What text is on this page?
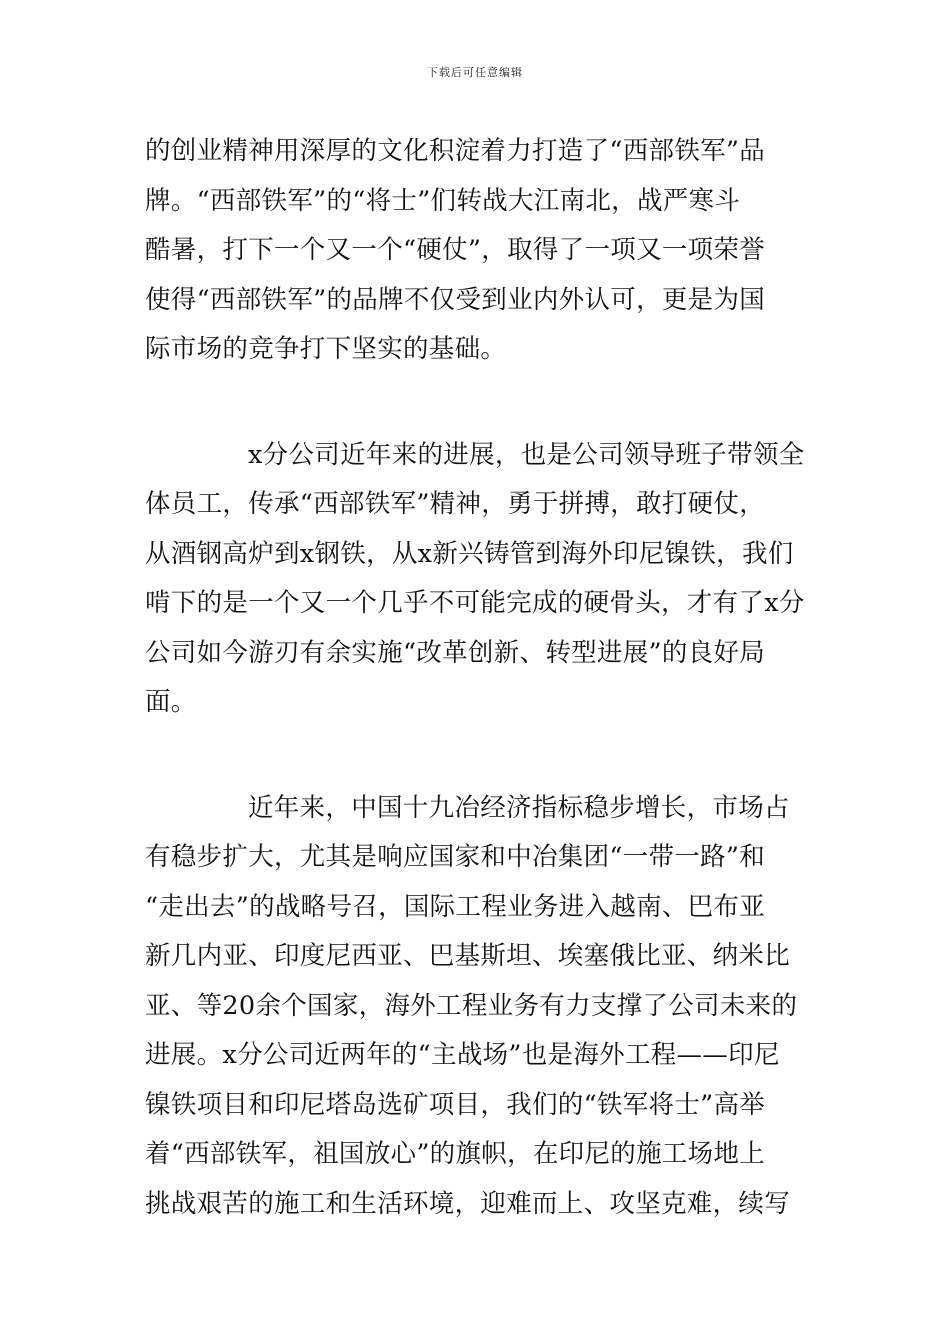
下载后可任意编辑
的创业精神用深厚的文化积淀着力打造了“西部铁军”品
牌。“西部铁军”的“将士”们转战大江南北，战严寒斗
酷暑，打下一个又一个“硬仗”，取得了一项又一项荣誉
使得“西部铁军”的品牌不仅受到业内外认可，更是为国
际市场的竞争打下坚实的基础。
x分公司近年来的进展，也是公司领导班子带领全
体员工，传承“西部铁军”精神，勇于拼搏，敢打硬仗，
从酒钢高炉到x钢铁，从x新兴铸管到海外印尼镍铁，我们
啃下的是一个又一个几乎不可能完成的硬骨头，才有了x分
公司如今游刃有余实施“改革创新、转型进展”的良好局
面。
近年来，中国十九冶经济指标稳步增长，市场占
有稳步扩大，尤其是响应国家和中冶集团“一带一路”和
“走出去”的战略号召，国际工程业务进入越南、巴布亚
新几内亚、印度尼西亚、巴基斯坦、埃塞俄比亚、纳米比
亚、等20余个国家，海外工程业务有力支撑了公司未来的
进展。x分公司近两年的“主战场”也是海外工程——印尼
镍铁项目和印尼塔岛选矿项目，我们的“铁军将士”高举
着“西部铁军，祖国放心”的旗帜，在印尼的施工场地上
挑战艰苦的施工和生活环境，迎难而上、攻坚克难，续写
